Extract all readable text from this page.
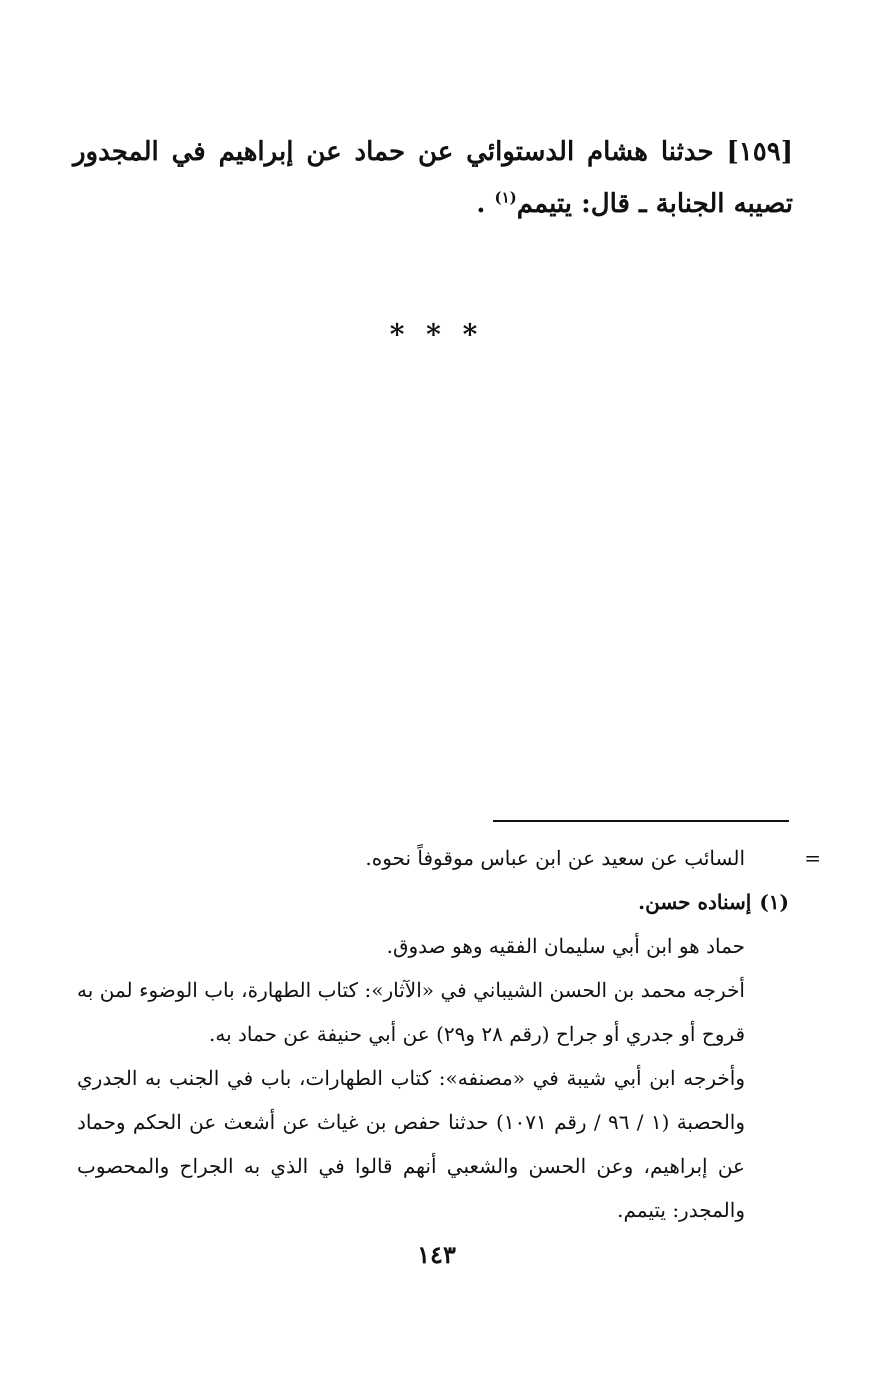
[١٥٩] حدثنا هشام الدستوائي عن حماد عن إبراهيم في المجدور تصيبه الجنابة ـ قال: يتيمم$^{(١)}$ .
* * *
=
السائب عن سعيد عن ابن عباس موقوفاً نحوه.
(١)إسناده حسن.
حماد هو ابن أبي سليمان الفقيه وهو صدوق.
أخرجه محمد بن الحسن الشيباني في «الآثار»: كتاب الطهارة، باب الوضوء لمن به قروح أو جدري أو جراح (رقم ٢٨ و٢٩) عن أبي حنيفة عن حماد به.
وأخرجه ابن أبي شيبة في «مصنفه»: كتاب الطهارات، باب في الجنب به الجدري والحصبة (١ / ٩٦ / رقم ١٠٧١) حدثنا حفص بن غياث عن أشعث عن الحكم وحماد عن إبراهيم، وعن الحسن والشعبي أنهم قالوا في الذي به الجراح والمحصوب والمجدر: يتيمم.
١٤٣
